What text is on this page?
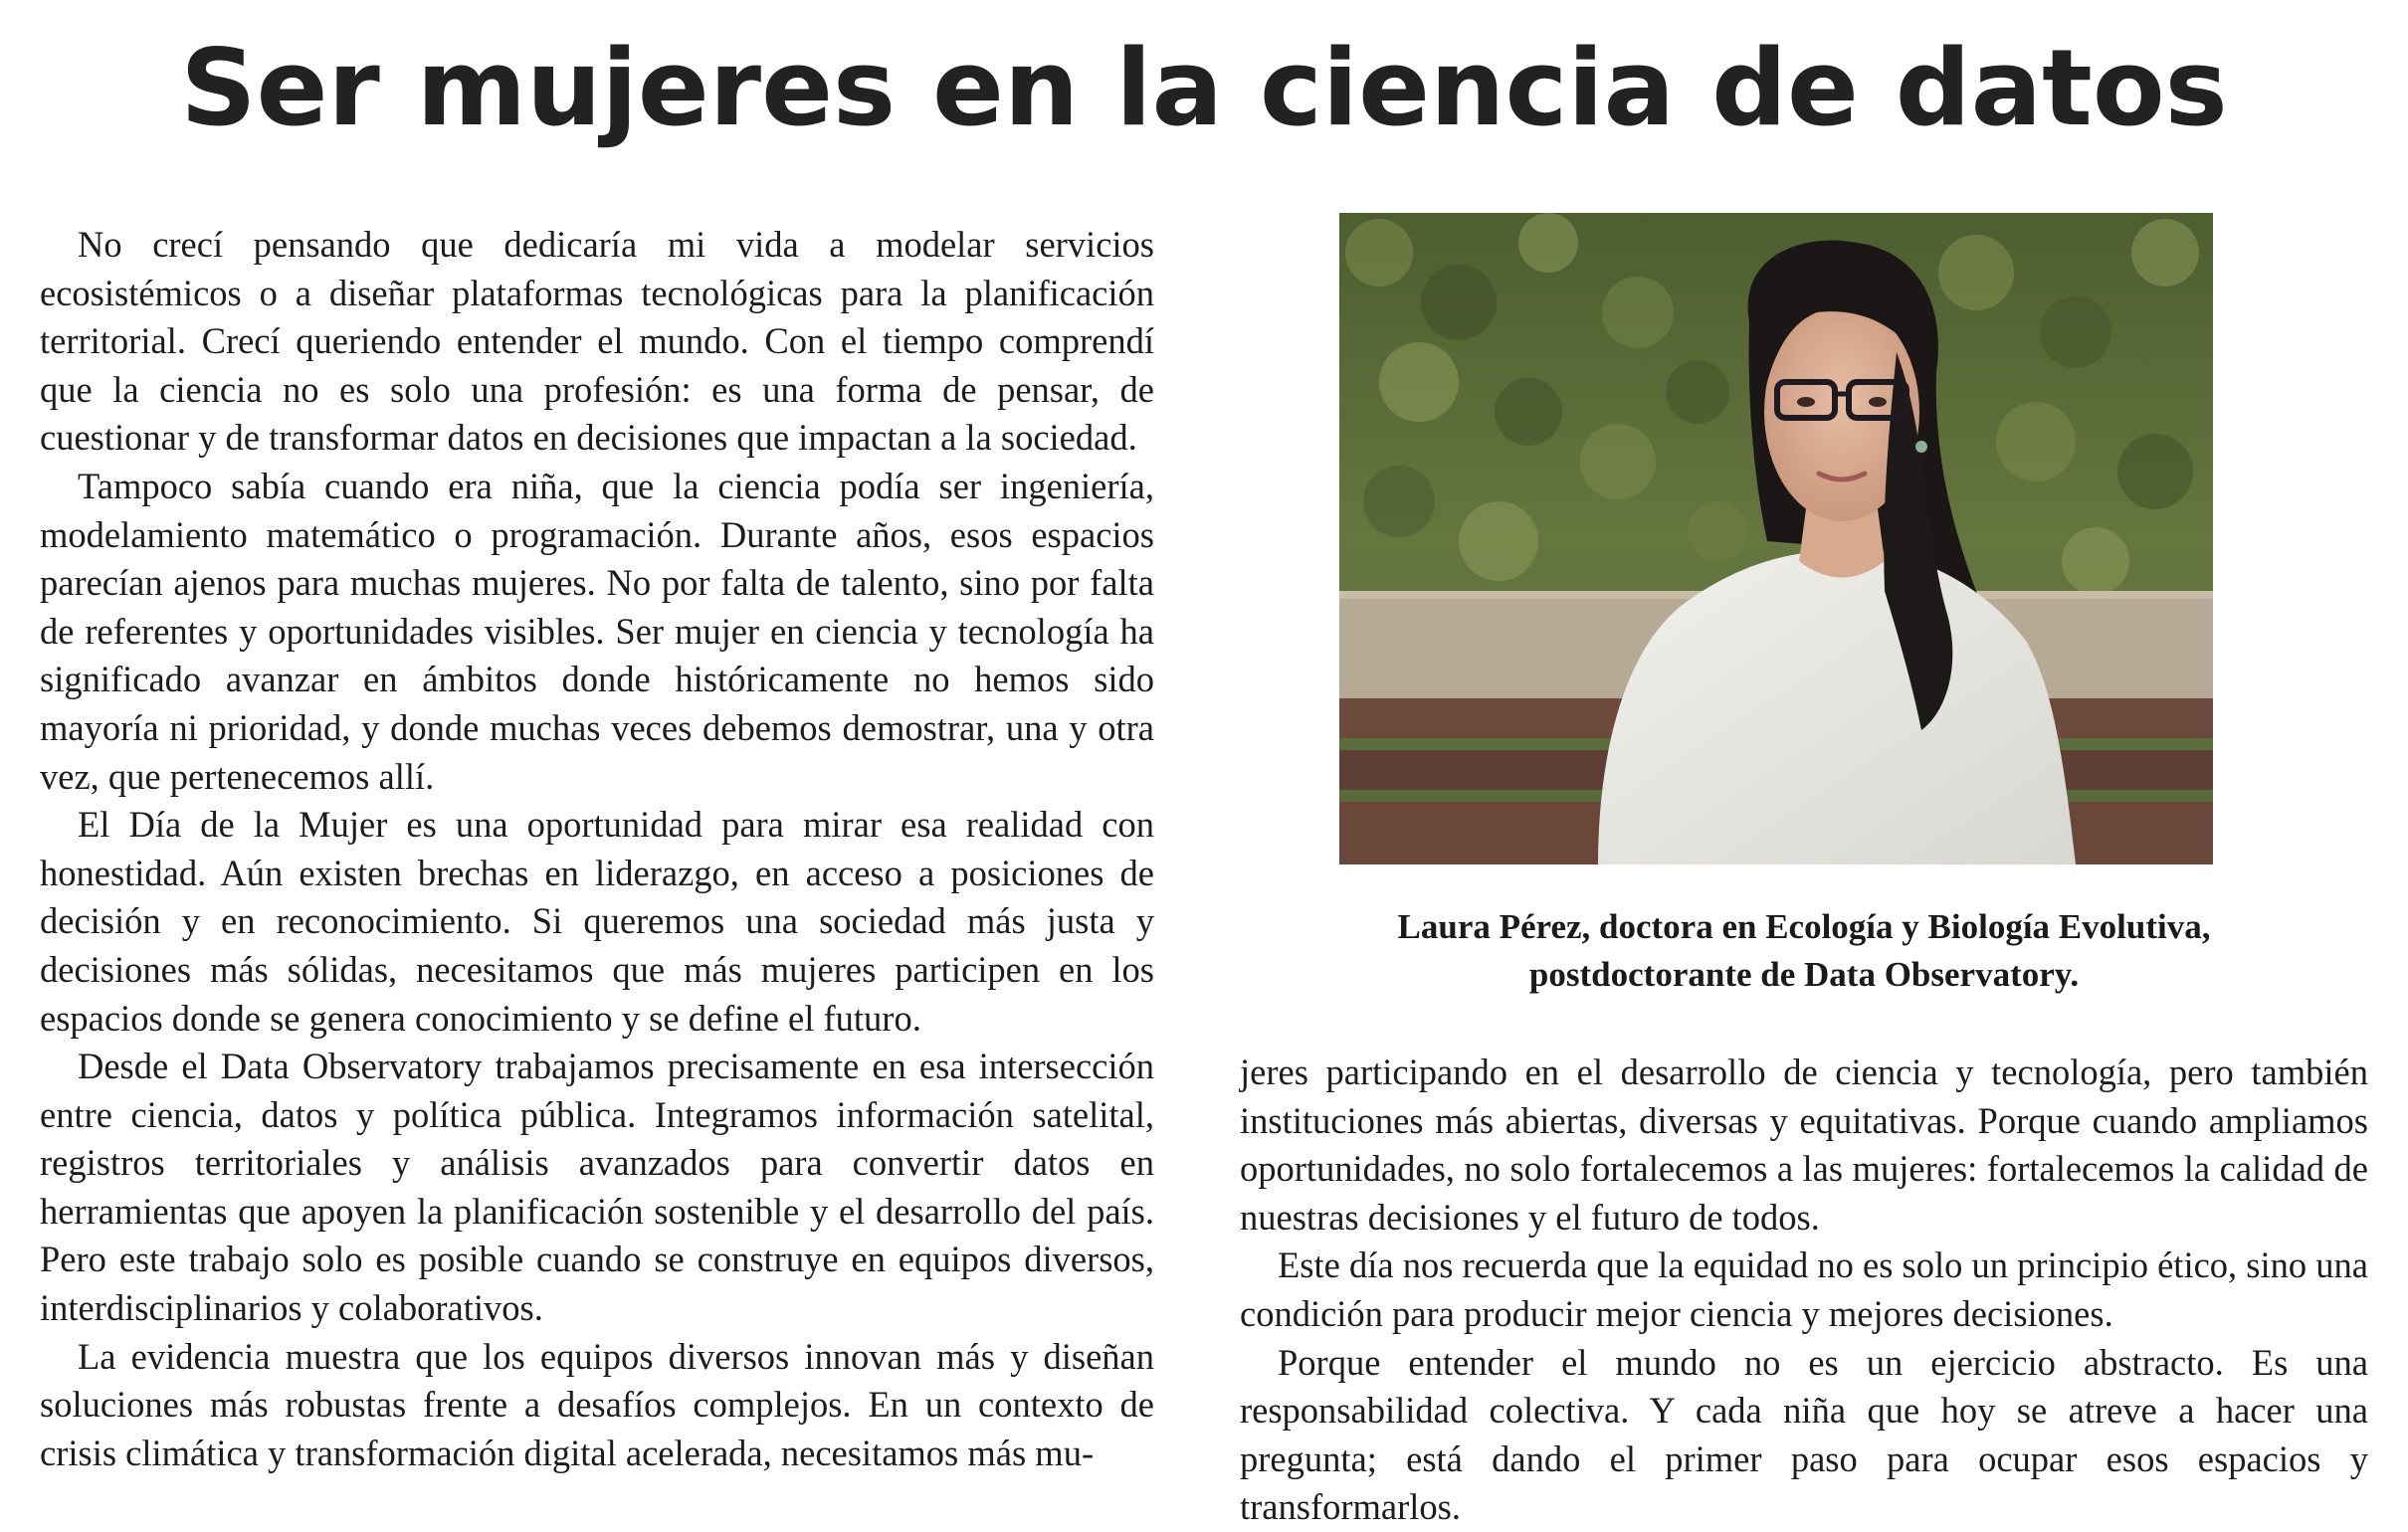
Ser mujeres en la ciencia de datos

No crecí pensando que dedicaría mi vida a modelar servicios ecosistémicos o a diseñar plataformas tecnológicas para la planificación territorial. Crecí queriendo entender el mundo. Con el tiempo comprendí que la ciencia no es solo una profesión: es una forma de pensar, de cuestionar y de transformar datos en decisiones que impactan a la sociedad.

Tampoco sabía cuando era niña, que la ciencia podía ser ingeniería, modelamiento matemático o programación. Durante años, esos espacios parecían ajenos para muchas mujeres. No por falta de talento, sino por falta de referentes y oportunidades visibles. Ser mujer en ciencia y tecnología ha significado avanzar en ámbitos donde históricamente no hemos sido mayoría ni prioridad, y donde muchas veces debemos demostrar, una y otra vez, que pertenecemos allí.

El Día de la Mujer es una oportunidad para mirar esa realidad con honestidad. Aún existen brechas en liderazgo, en acceso a posiciones de decisión y en reconocimiento. Si queremos una sociedad más justa y decisiones más sólidas, necesitamos que más mujeres participen en los espacios donde se genera conocimiento y se define el futuro.

Desde el Data Observatory trabajamos precisamente en esa intersección entre ciencia, datos y política pública. Integramos información satelital, registros territoriales y análisis avanzados para convertir datos en herramientas que apoyen la planificación sostenible y el desarrollo del país. Pero este trabajo solo es posible cuando se construye en equipos diversos, interdisciplinarios y colaborativos.

La evidencia muestra que los equipos diversos innovan más y diseñan soluciones más robustas frente a desafíos complejos. En un contexto de crisis climática y transformación digital acelerada, necesitamos más mu-

Laura Pérez, doctora en Ecología y Biología Evolutiva,
postdoctorante de Data Observatory.

jeres participando en el desarrollo de ciencia y tecnología, pero también instituciones más abiertas, diversas y equitativas. Porque cuando ampliamos oportunidades, no solo fortalecemos a las mujeres: fortalecemos la calidad de nuestras decisiones y el futuro de todos.

Este día nos recuerda que la equidad no es solo un principio ético, sino una condición para producir mejor ciencia y mejores decisiones.

Porque entender el mundo no es un ejercicio abstracto. Es una responsabilidad colectiva. Y cada niña que hoy se atreve a hacer una pregunta; está dando el primer paso para ocupar esos espacios y transformarlos.
